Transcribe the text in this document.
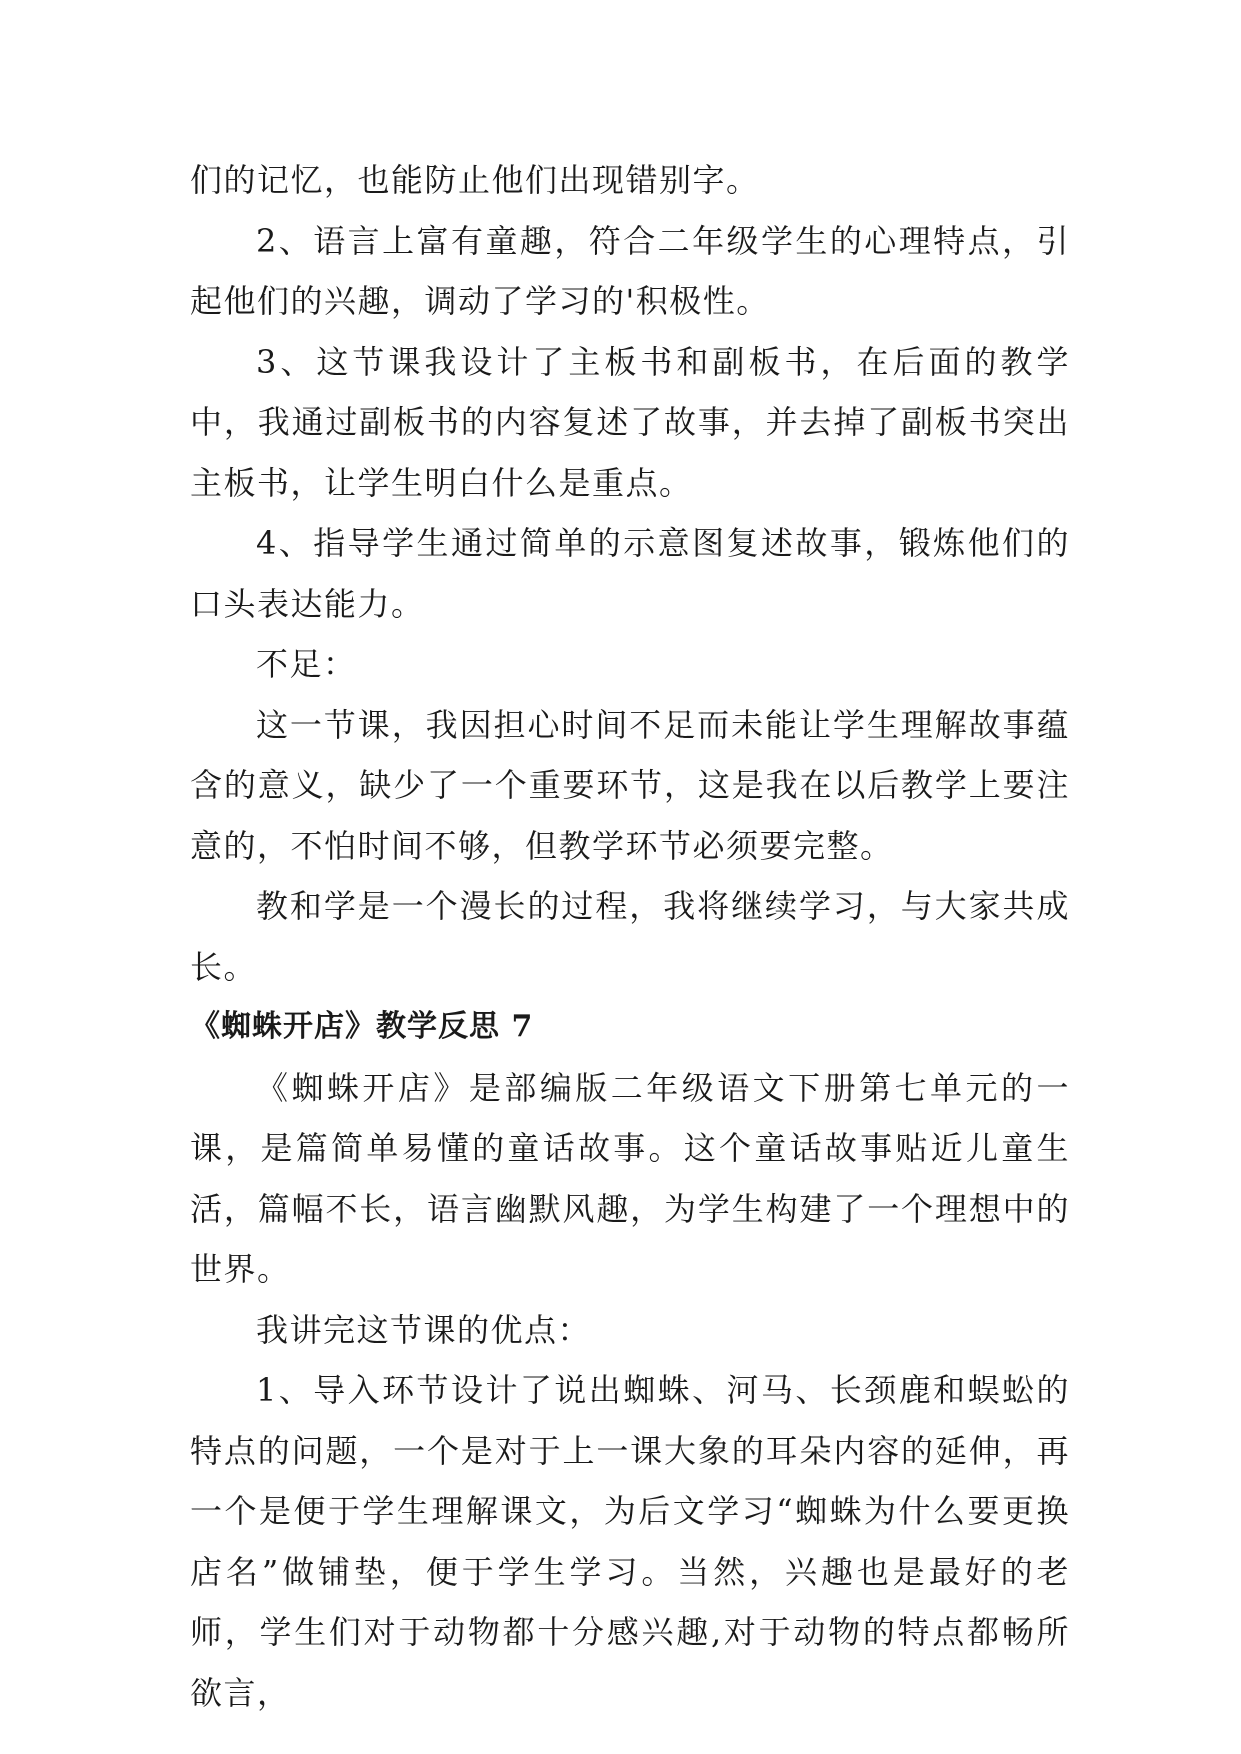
们的记忆，也能防止他们出现错别字。

2、语言上富有童趣，符合二年级学生的心理特点，引起他们的兴趣，调动了学习的'积极性。

3、这节课我设计了主板书和副板书，在后面的教学中，我通过副板书的内容复述了故事，并去掉了副板书突出主板书，让学生明白什么是重点。

4、指导学生通过简单的示意图复述故事，锻炼他们的口头表达能力。

不足：

这一节课，我因担心时间不足而未能让学生理解故事蕴含的意义，缺少了一个重要环节，这是我在以后教学上要注意的，不怕时间不够，但教学环节必须要完整。

教和学是一个漫长的过程，我将继续学习，与大家共成长。

《蜘蛛开店》教学反思 7

《蜘蛛开店》是部编版二年级语文下册第七单元的一课，是篇简单易懂的童话故事。这个童话故事贴近儿童生活，篇幅不长，语言幽默风趣，为学生构建了一个理想中的世界。

我讲完这节课的优点：

1、导入环节设计了说出蜘蛛、河马、长颈鹿和蜈蚣的特点的问题，一个是对于上一课大象的耳朵内容的延伸，再一个是便于学生理解课文，为后文学习“蜘蛛为什么要更换店名”做铺垫，便于学生学习。当然，兴趣也是最好的老师，学生们对于动物都十分感兴趣,对于动物的特点都畅所欲言，
